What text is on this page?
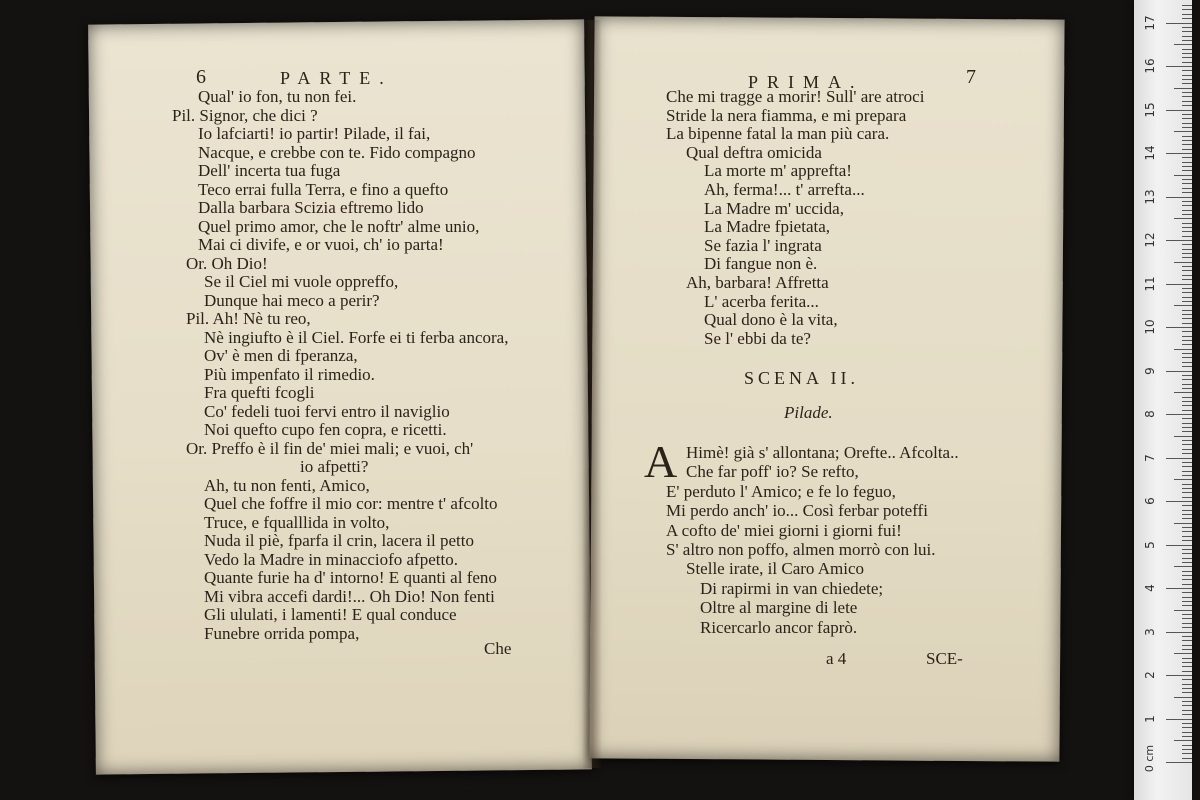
6	PARTE.
Qual' io fon, tu non fei.
Pil. Signor, che dici ?
Io lafciarti! io partir! Pilade, il fai,
Nacque, e crebbe con te. Fido compagno
Dell' incerta tua fuga
Teco errai fulla Terra, e fino a quefto
Dalla barbara Scizia eftremo lido
Quel primo amor, che le noftr' alme unio,
Mai ci divife, e or vuoi, ch' io parta!
Or. Oh Dio!
Se il Ciel mi vuole oppreffo,
Dunque hai meco a perir?
Pil. Ah! Nè tu reo,
Nè ingiufto è il Ciel. Forfe ei ti ferba ancora,
Ov' è men di fperanza,
Più impenfato il rimedio.
Fra quefti fcogli
Co' fedeli tuoi fervi entro il naviglio
Noi quefto cupo fen copra, e ricetti.
Or. Preffo è il fin de' miei mali; e vuoi, ch'
io afpetti?
Ah, tu non fenti, Amico,
Quel che foffre il mio cor: mentre t' afcolto
Truce, e fqualllida in volto,
Nuda il piè, fparfa il crin, lacera il petto
Vedo la Madre in minacciofo afpetto.
Quante furie ha d' intorno! E quanti al feno
Mi vibra accefi dardi!... Oh Dio! Non fenti
Gli ululati, i lamenti! E qual conduce
Funebre orrida pompa,
Che
PRIMA.	7
Che mi tragge a morir! Sull' are atroci
Stride la nera fiamma, e mi prepara
La bipenne fatal la man più cara.
Qual deftra omicida
La morte m' apprefta!
Ah, ferma!... t' arrefta...
La Madre m' uccida,
La Madre fpietata,
Se fazia l' ingrata
Di fangue non è.
Ah, barbara! Affretta
L' acerba ferita...
Qual dono è la vita,
Se l' ebbi da te?
SCENA II.
Pilade.
A Himè! già s' allontana; Orefte.. Afcolta..
Che far poff' io? Se refto,
E' perduto l' Amico; e fe lo feguo,
Mi perdo anch' io... Così ferbar poteffi
A cofto de' miei giorni i giorni fui!
S' altro non poffo, almen morrò con lui.
Stelle irate, il Caro Amico
Di rapirmi in van chiedete;
Oltre al margine di lete
Ricercarlo ancor faprò.
a 4	SCE-
0 cm
1
2
3
4
5
6
7
8
9
10
11
12
13
14
15
16
17
